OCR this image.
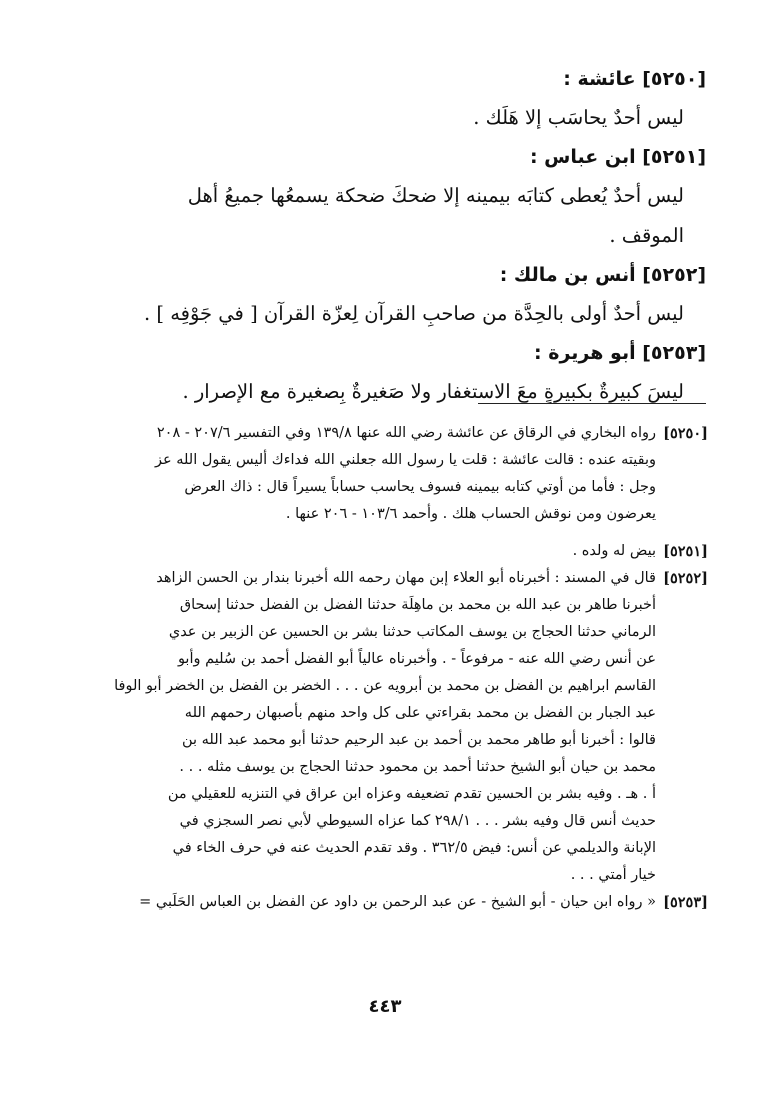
[٥٢٥٠] عائشة :
ليس أحدٌ يحاسَب إلا هَلَك .
[٥٢٥١] ابن عباس :
ليس أحدٌ يُعطى كتابَه بيمينه إلا ضحكَ ضحكة يسمعُها جميعُ أهل
الموقف .
[٥٢٥٢] أنس بن مالك :
ليس أحدٌ أولى بالحِدَّة من صاحبِ القرآن لِعزّة القرآن [ في جَوْفِه ] .
[٥٢٥٣] أبو هريرة :
ليسَ كبيرةٌ بكبيرةٍ معَ الاستغفار ولا صَغيرةٌ بِصغيرة مع الإصرار .
[٥٢٥٠]
رواه البخاري في الرقاق عن عائشة رضي الله عنها ١٣٩/٨ وفي التفسير ٢٠٧/٦ - ٢٠٨
وبقيته عنده : قالت عائشة : قلت يا رسول الله جعلني الله فداءك أليس يقول الله عز
وجل : فأما من أوتي كتابه بيمينه فسوف يحاسب حساباً يسيراً قال : ذاك العرض
يعرضون ومن نوقش الحساب هلك . وأحمد ١٠٣/٦ - ٢٠٦ عنها .
[٥٢٥١]
بيض له ولده .
[٥٢٥٢]
قال في المسند : أخبرناه أبو العلاء إبن مهان رحمه الله أخبرنا بندار بن الحسن الزاهد
أخبرنا طاهر بن عبد الله بن محمد بن ماهِلَة حدثنا الفضل بن الفضل حدثنا إسحاق
الرماني حدثنا الحجاج بن يوسف المكاتب حدثنا بشر بن الحسين عن الزبير بن عدي
عن أنس رضي الله عنه - مرفوعاً - . وأخبرناه عالياً أبو الفضل أحمد بن سُليم وأبو
القاسم ابراهيم بن الفضل بن محمد بن أبرويه عن . . . الخضر بن الفضل بن الخضر أبو الوفا
عبد الجبار بن الفضل بن محمد بقراءتي على كل واحد منهم بأصبهان رحمهم الله
قالوا : أخبرنا أبو طاهر محمد بن أحمد بن عبد الرحيم حدثنا أبو محمد عبد الله بن
محمد بن حيان أبو الشيخ حدثنا أحمد بن محمود حدثنا الحجاج بن يوسف مثله . . .
أ . هـ . وفيه بشر بن الحسين تقدم تضعيفه وعزاه ابن عراق في التنزيه للعقيلي من
حديث أنس قال وفيه بشر . . . ٢٩٨/١ كما عزاه السيوطي لأبي نصر السجزي في
الإبانة والديلمي عن أنس: فيض ٣٦٢/٥ . وقد تقدم الحديث عنه في حرف الخاء في
خيار أمتي . . .
[٥٢٥٣]
« رواه ابن حيان - أبو الشيخ - عن عبد الرحمن بن داود عن الفضل بن العباس الحَلَبي =
٤٤٣
